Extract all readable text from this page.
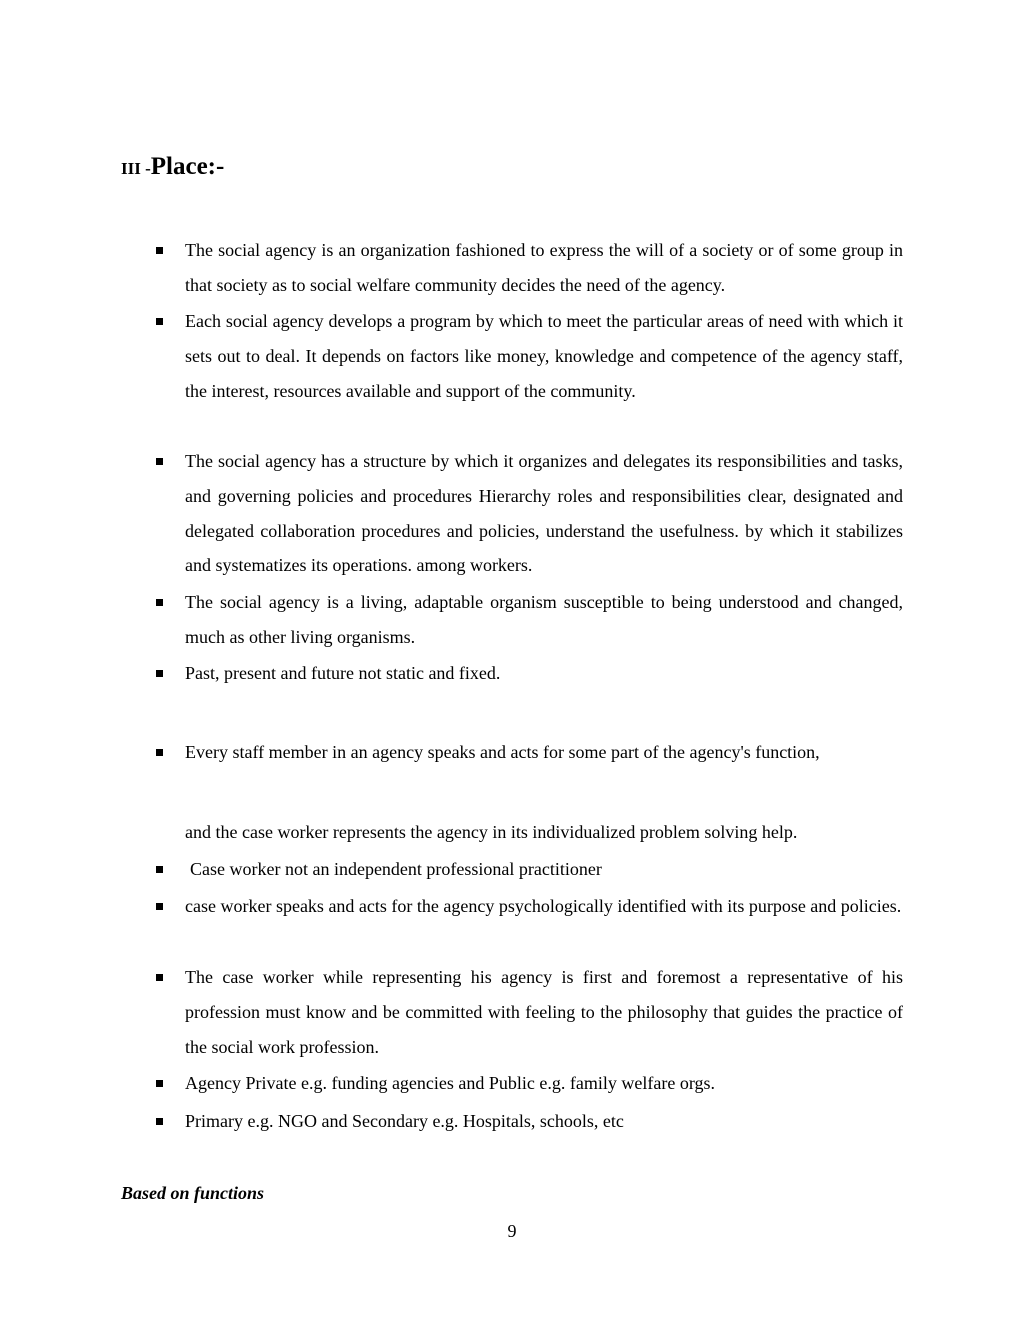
III -Place:-

The social agency is an organization fashioned to express the will of a society or of some group in that society as to social welfare community decides the need of the agency.

Each social agency develops a program by which to meet the particular areas of need with which it sets out to deal. It depends on factors like money, knowledge and competence of the agency staff, the interest, resources available and support of the community.

The social agency has a structure by which it organizes and delegates its responsibilities and tasks, and governing policies and procedures Hierarchy roles and responsibilities clear, designated and delegated collaboration procedures and policies, understand the usefulness. by which it stabilizes and systematizes its operations. among workers.

The social agency is a living, adaptable organism susceptible to being understood and changed, much as other living organisms.

Past, present and future not static and fixed.

Every staff member in an agency speaks and acts for some part of the agency's function,

and the case worker represents the agency in its individualized problem solving help.

Case worker not an independent professional practitioner

case worker speaks and acts for the agency psychologically identified with its purpose and policies.

The case worker while representing his agency is first and foremost a representative of his profession must know and be committed with feeling to the philosophy that guides the practice of the social work profession.

Agency Private e.g. funding agencies and Public e.g. family welfare orgs.

Primary e.g. NGO and Secondary e.g. Hospitals, schools, etc

Based on functions

9
